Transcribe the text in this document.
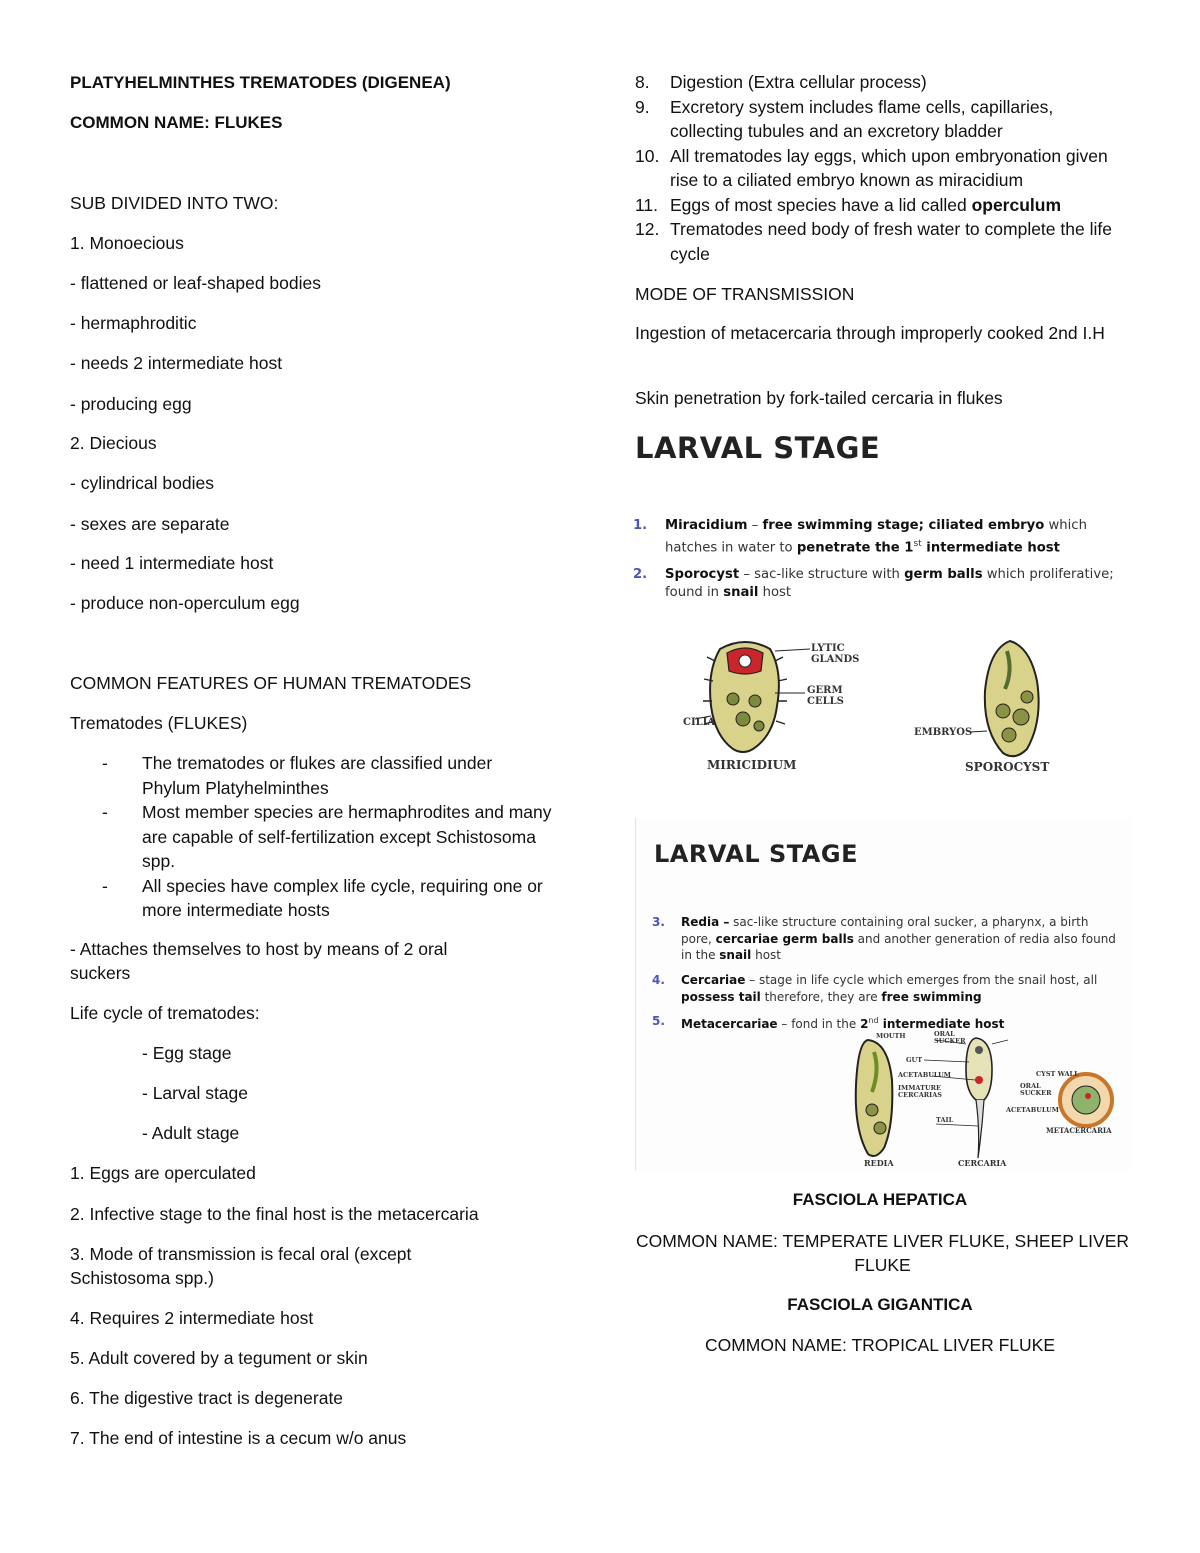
PLATYHELMINTHES TREMATODES (DIGENEA)
COMMON NAME: FLUKES
SUB DIVIDED INTO TWO:
1. Monoecious
- flattened or leaf-shaped bodies
- hermaphroditic
- needs 2 intermediate host
- producing egg
2. Diecious
- cylindrical bodies
- sexes are separate
- need 1 intermediate host
- produce non-operculum egg
COMMON FEATURES OF HUMAN TREMATODES
Trematodes (FLUKES)
-	The trematodes or flukes are classified under Phylum Platyhelminthes
-	Most member species are hermaphrodites and many are capable of self-fertilization except Schistosoma spp.
-	All species have complex life cycle, requiring one or more intermediate hosts
- Attaches themselves to host by means of 2 oral suckers
Life cycle of trematodes:
- Egg stage
- Larval stage
- Adult stage
1. Eggs are operculated
2. Infective stage to the final host is the metacercaria
3. Mode of transmission is fecal oral (except Schistosoma spp.)
4. Requires 2 intermediate host
5. Adult covered by a tegument or skin
6. The digestive tract is degenerate
7. The end of intestine is a cecum w/o anus
8.	Digestion (Extra cellular process)
9.	Excretory system includes flame cells, capillaries, collecting tubules and an excretory bladder
10. All trematodes lay eggs, which upon embryonation given rise to a ciliated embryo known as miracidium
11. Eggs of most species have a lid called operculum
12. Trematodes need body of fresh water to complete the life cycle
MODE OF TRANSMISSION
Ingestion of metacercaria through improperly cooked 2nd I.H
Skin penetration by fork-tailed cercaria in flukes
LARVAL STAGE
1. Miracidium – free swimming stage; ciliated embryo which hatches in water to penetrate the 1st intermediate host
2. Sporocyst – sac-like structure with germ balls which proliferative; found in snail host
LYTIC
GLANDS
GERM
CELLS
CILIA
MIRICIDIUM
EMBRYOS
SPOROCYST
LARVAL STAGE
3. Redia – sac-like structure containing oral sucker, a pharynx, a birth pore, cercariae germ balls and another generation of redia also found in the snail host
4. Cercariae – stage in life cycle which emerges from the snail host, all possess tail therefore, they are free swimming
5. Metacercariae – fond in the 2nd intermediate host
REDIA
MOUTH	ORAL
SUCKER
GUT
ACETABULUM
IMMATURE
CERCARIAS
TAIL
CERCARIA
CYST WALL
ORAL
SUCKER
ACETABULUM
METACERCARIA
FASCIOLA HEPATICA
COMMON NAME: TEMPERATE LIVER FLUKE, SHEEP LIVER FLUKE
FASCIOLA GIGANTICA
COMMON NAME: TROPICAL LIVER FLUKE
